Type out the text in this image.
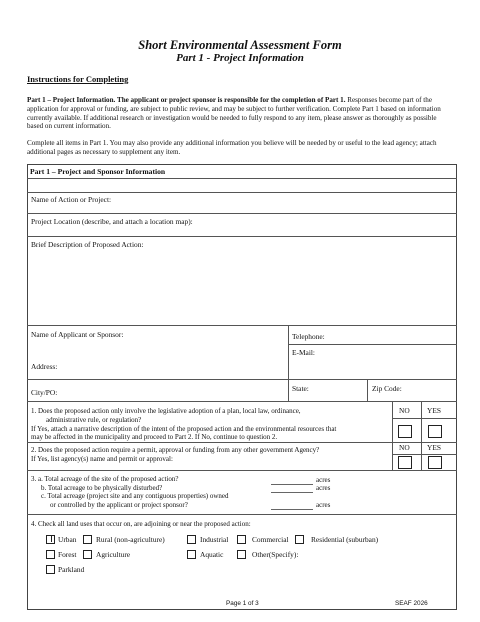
Short Environmental Assessment Form
Part 1 - Project Information
Instructions for Completing
Part 1 – Project Information. The applicant or project sponsor is responsible for the completion of Part 1. Responses become part of the application for approval or funding, are subject to public review, and may be subject to further verification. Complete Part 1 based on information currently available. If additional research or investigation would be needed to fully respond to any item, please answer as thoroughly as possible based on current information.
Complete all items in Part 1. You may also provide any additional information you believe will be needed by or useful to the lead agency; attach additional pages as necessary to supplement any item.
Part 1 – Project and Sponsor Information
Name of Action or Project:
Project Location (describe, and attach a location map):
Brief Description of Proposed Action:
Name of Applicant or Sponsor:	Telephone:
E-Mail:
Address:
City/PO:	State:	Zip Code:
1. Does the proposed action only involve the legislative adoption of a plan, local law, ordinance,
administrative rule, or regulation?
If Yes, attach a narrative description of the intent of the proposed action and the environmental resources that
may be affected in the municipality and proceed to Part 2. If No, continue to question 2.
NO YES
2. Does the proposed action require a permit, approval or funding from any other government Agency?
If Yes, list agency(s) name and permit or approval:
NO YES
3. a. Total acreage of the site of the proposed action?
b. Total acreage to be physically disturbed?
c. Total acreage (project site and any contiguous properties) owned
or controlled by the applicant or project sponsor?
acres
acres
acres
4. Check all land uses that occur on, are adjoining or near the proposed action:
Urban	Rural (non-agriculture)	Industrial	Commercial	Residential (suburban)
Forest	Agriculture	Aquatic	Other(Specify):
Parkland
Page 1 of 3	SEAF 2026
